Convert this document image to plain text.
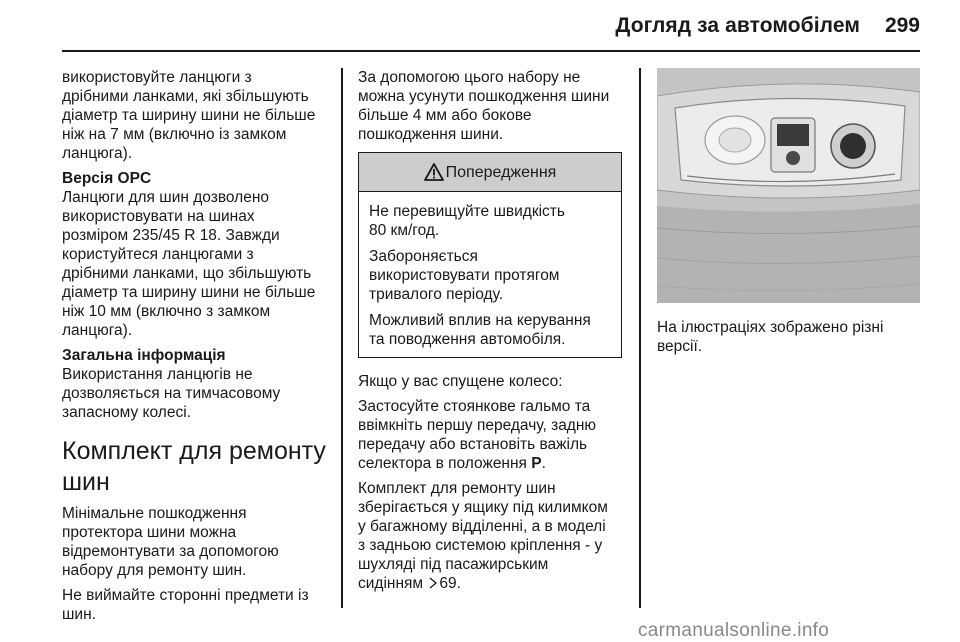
Догляд за автомобілем 299

використовуйте ланцюги з
дрібними ланками, які збільшують
діаметр та ширину шини не більше
ніж на 7 мм (включно із замком
ланцюга).

Версія OPC

Ланцюги для шин дозволено
використовувати на шинах
розміром 235/45 R 18. Завжди
користуйтеся ланцюгами з
дрібними ланками, що збільшують
діаметр та ширину шини не більше
ніж 10 мм (включно з замком
ланцюга).

Загальна інформація

Використання ланцюгів не
дозволяється на тимчасовому
запасному колесі.

Комплект для ремонту
шин

Мінімальне пошкодження
протектора шини можна
відремонтувати за допомогою
набору для ремонту шин.

Не виймайте сторонні предмети із
шин.

За допомогою цього набору не
можна усунути пошкодження шини
більше 4 мм або бокове
пошкодження шини.

Попередження

Не перевищуйте швидкість
80 км/год.

Забороняється
використовувати протягом
тривалого періоду.

Можливий вплив на керування
та поводження автомобіля.

Якщо у вас спущене колесо:

Застосуйте стоянкове гальмо та
ввімкніть першу передачу, задню
передачу або встановіть важіль
селектора в положення P.

Комплект для ремонту шин
зберігається у ящику під килимком
у багажному відділенні, а в моделі
з задньою системою кріплення - у
шухляді під пасажирським
сидінням 69.

На ілюстраціях зображено різні
версії.

carmanualsonline.info
